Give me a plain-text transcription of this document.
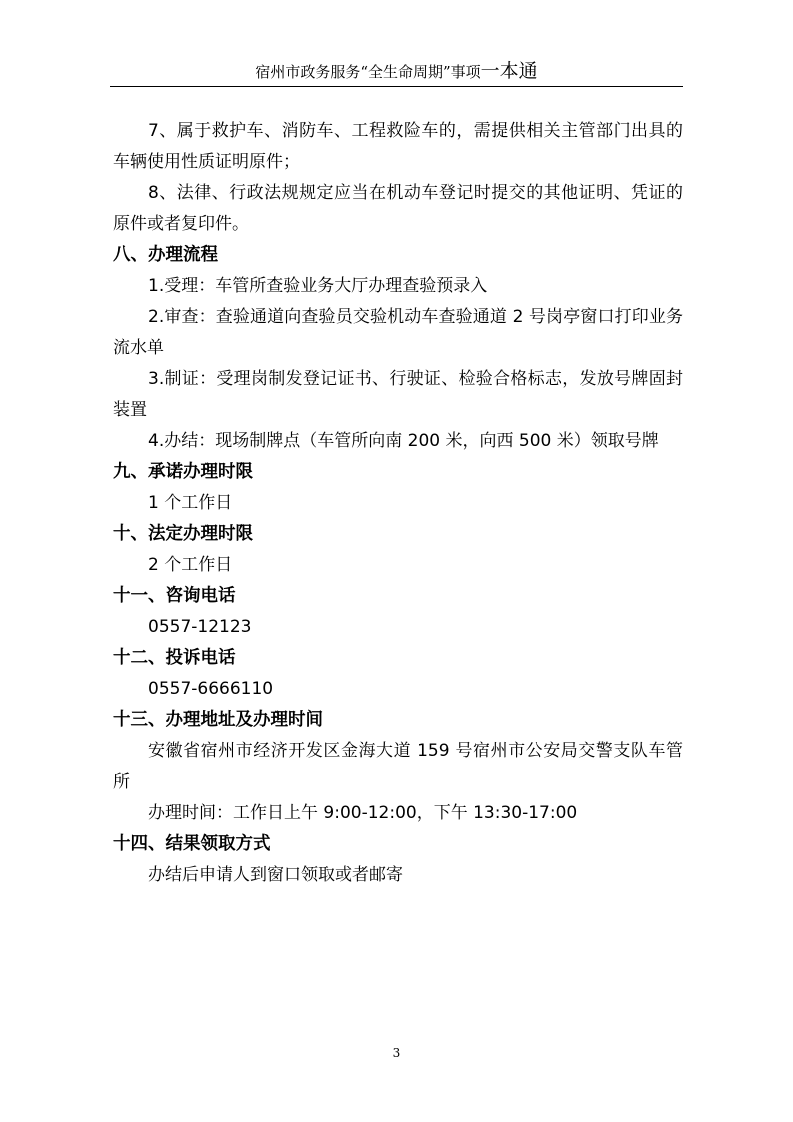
宿州市政务服务“全生命周期”事项一本通

7、属于救护车、消防车、工程救险车的，需提供相关主管部门出具的车辆使用性质证明原件；

8、法律、行政法规规定应当在机动车登记时提交的其他证明、凭证的原件或者复印件。

八、办理流程

1.受理：车管所查验业务大厅办理查验预录入

2.审查：查验通道向查验员交验机动车查验通道 2 号岗亭窗口打印业务流水单

3.制证：受理岗制发登记证书、行驶证、检验合格标志，发放号牌固封装置

4.办结：现场制牌点（车管所向南 200 米，向西 500 米）领取号牌

九、承诺办理时限

1 个工作日

十、法定办理时限

2 个工作日

十一、咨询电话

0557-12123

十二、投诉电话

0557-6666110

十三、办理地址及办理时间

安徽省宿州市经济开发区金海大道 159 号宿州市公安局交警支队车管所

办理时间：工作日上午 9:00-12:00，下午 13:30-17:00

十四、结果领取方式

办结后申请人到窗口领取或者邮寄

3
